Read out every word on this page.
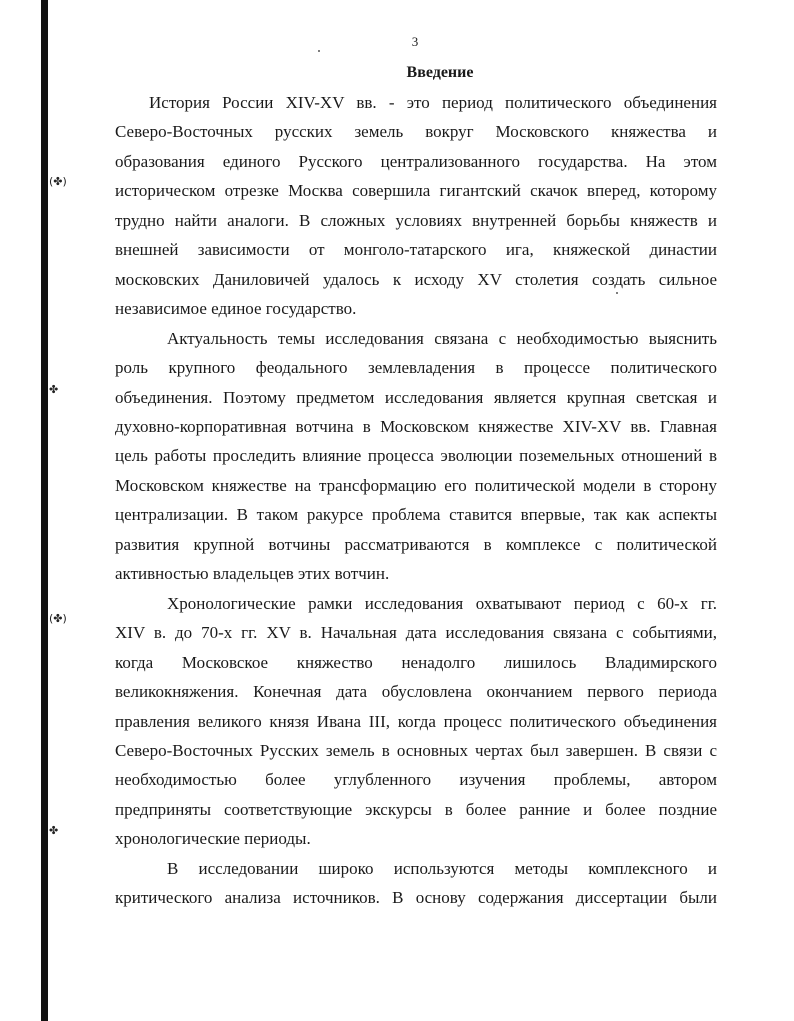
(✤)
✤
(✤)
✤
3
Введение
История России XIV-XV вв. - это период политического объединения
Северо-Восточных русских земель вокруг Московского княжества и
образования единого Русского централизованного государства. На этом
историческом отрезке Москва совершила гигантский скачок вперед, которому
трудно найти аналоги. В сложных условиях внутренней борьбы княжеств и
внешней зависимости от монголо-татарского ига, княжеской династии
московских Даниловичей удалось к исходу XV столетия создать сильное
независимое единое государство.
Актуальность темы исследования связана с необходимостью выяснить
роль крупного феодального землевладения в процессе политического
объединения. Поэтому предметом исследования является крупная светская и
духовно-корпоративная вотчина в Московском княжестве XIV-XV вв. Главная
цель работы проследить влияние процесса эволюции поземельных отношений в
Московском княжестве на трансформацию его политической модели в сторону
централизации. В таком ракурсе проблема ставится впервые, так как аспекты
развития крупной вотчины рассматриваются в комплексе с политической
активностью владельцев этих вотчин.
Хронологические рамки исследования охватывают период с 60-х гг.
XIV в. до 70-х гг. XV в. Начальная дата исследования связана с событиями,
когда Московское княжество ненадолго лишилось Владимирского
великокняжения. Конечная дата обусловлена окончанием первого периода
правления великого князя Ивана III, когда процесс политического объединения
Северо-Восточных Русских земель в основных чертах был завершен. В связи с
необходимостью более углубленного изучения проблемы, автором
предприняты соответствующие экскурсы в более ранние и более поздние
хронологические периоды.
В исследовании широко используются методы комплексного и
критического анализа источников. В основу содержания диссертации были
